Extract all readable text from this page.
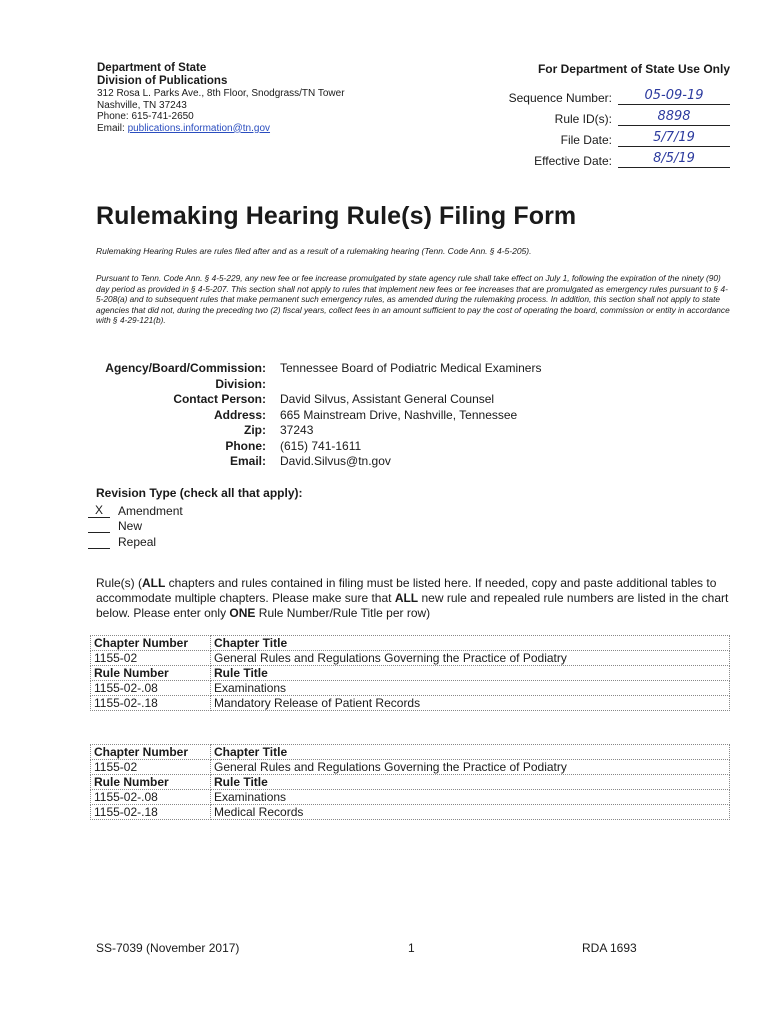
Department of State
Division of Publications
312 Rosa L. Parks Ave., 8th Floor, Snodgrass/TN Tower
Nashville, TN 37243
Phone: 615-741-2650
Email: publications.information@tn.gov
For Department of State Use Only
Sequence Number:	05-09-19
Rule ID(s):	8898
File Date:	5/7/19
Effective Date:	8/5/19
Rulemaking Hearing Rule(s) Filing Form
Rulemaking Hearing Rules are rules filed after and as a result of a rulemaking hearing (Tenn. Code Ann. § 4-5-205).
Pursuant to Tenn. Code Ann. § 4-5-229, any new fee or fee increase promulgated by state agency rule shall take effect on July 1, following the expiration of the ninety (90) day period as provided in § 4-5-207. This section shall not apply to rules that implement new fees or fee increases that are promulgated as emergency rules pursuant to § 4-5-208(a) and to subsequent rules that make permanent such emergency rules, as amended during the rulemaking process. In addition, this section shall not apply to state agencies that did not, during the preceding two (2) fiscal years, collect fees in an amount sufficient to pay the cost of operating the board, commission or entity in accordance with § 4-29-121(b).
Agency/Board/Commission:	Tennessee Board of Podiatric Medical Examiners
Division:
Contact Person:	David Silvus, Assistant General Counsel
Address:	665 Mainstream Drive, Nashville, Tennessee
Zip:	37243
Phone:	(615) 741-1611
Email:	David.Silvus@tn.gov
Revision Type (check all that apply):
X	Amendment
New
Repeal
Rule(s) (ALL chapters and rules contained in filing must be listed here. If needed, copy and paste additional tables to accommodate multiple chapters. Please make sure that ALL new rule and repealed rule numbers are listed in the chart below. Please enter only ONE Rule Number/Rule Title per row)
Chapter Number	Chapter Title
1155-02	General Rules and Regulations Governing the Practice of Podiatry
Rule Number	Rule Title
1155-02-.08	Examinations
1155-02-.18	Mandatory Release of Patient Records
Chapter Number	Chapter Title
1155-02	General Rules and Regulations Governing the Practice of Podiatry
Rule Number	Rule Title
1155-02-.08	Examinations
1155-02-.18	Medical Records
SS-7039 (November 2017)	1	RDA 1693
